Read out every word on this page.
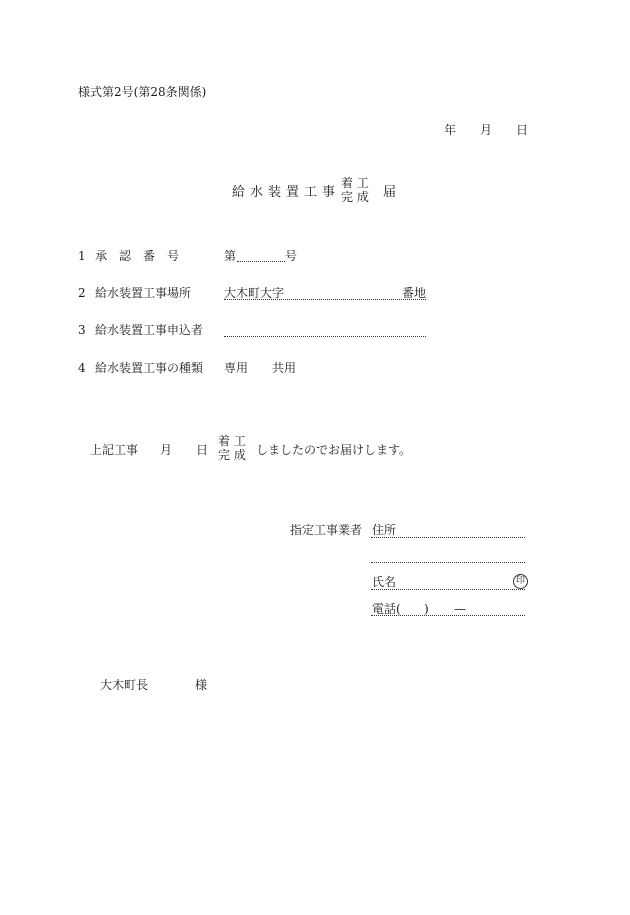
様式第2号(第28条関係)
年 月 日
給 水 装 置 工 事
着 工
完 成 届
1 承　認　番　号	第	号
2 給水装置工事場所	大木町大字	番地
3 給水装置工事申込者
4 給水装置工事の種類 専用 共用
上記工事 月 日
着 工
完 成 しましたのでお届けします。
指定工事業者 住所
氏名	印
電話( ) —
大木町長	様
